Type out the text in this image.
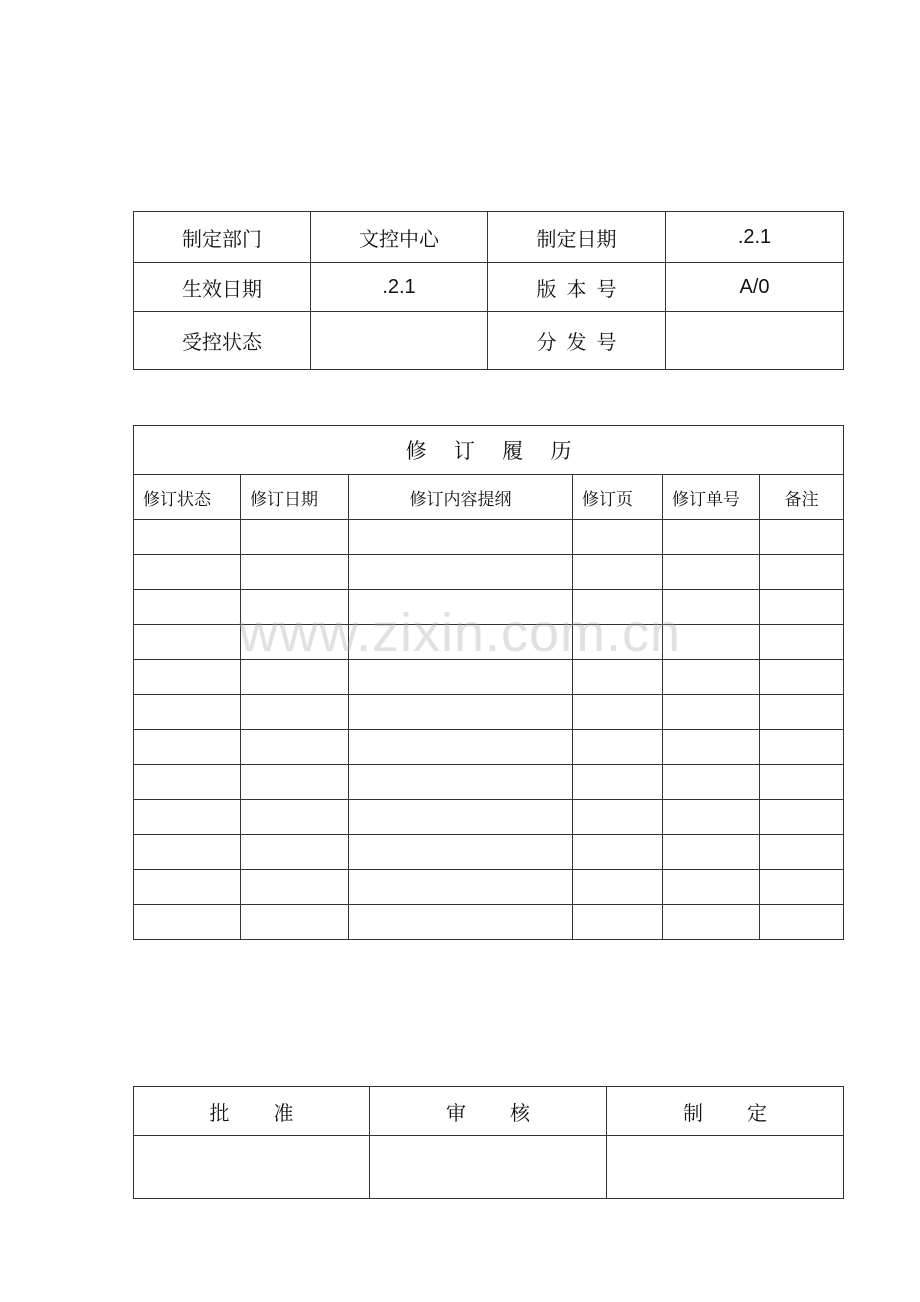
制定部门	文控中心	制定日期	.2.1
生效日期	.2.1	版本号	A/0
受控状态		分发号	
修订履历					
修订状态	修订日期	修订内容提纲	修订页	修订单号	备注

批准	审核	制定

www.zixin.com.cn
